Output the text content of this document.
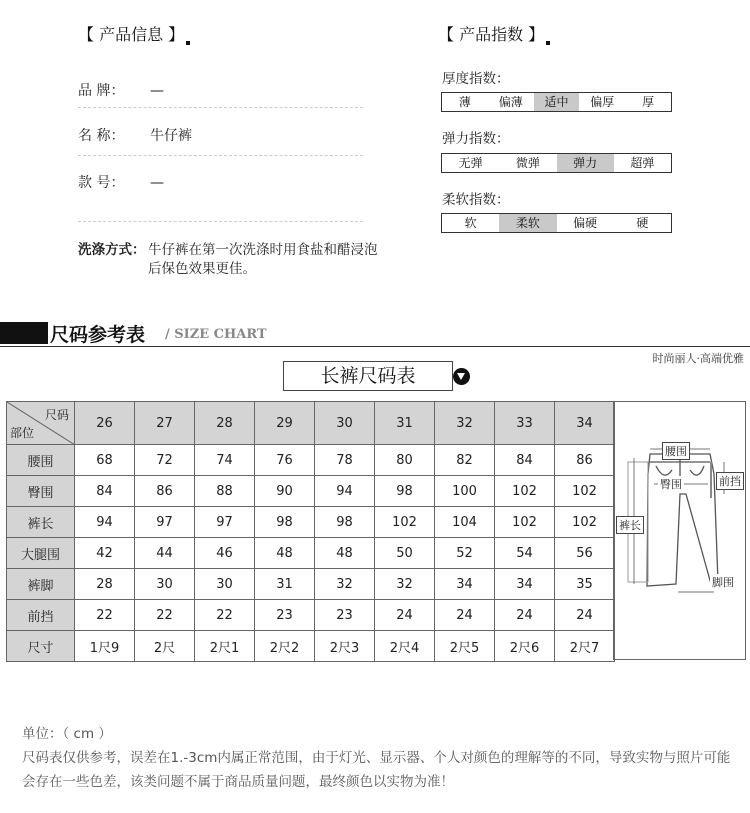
【 产品信息 】
品 牌： —
名 称： 牛仔裤
款 号： —
洗涤方式： 牛仔裤在第一次洗涤时用食盐和醋浸泡后保色效果更佳。
【 产品指数 】
厚度指数：
薄	偏薄	适中	偏厚	厚
弹力指数：
无弹	微弹	弹力	超弹
柔软指数：
软	柔软	偏硬	硬
尺码参考表 / SIZE CHART
时尚丽人·高端优雅
长裤尺码表
尺码
部位	26	27	28	29	30	31	32	33	34
腰围	68	72	74	76	78	80	82	84	86
臀围	84	86	88	90	94	98	100	102	102
裤长	94	97	97	98	98	102	104	102	102
大腿围	42	44	46	48	48	50	52	54	56
裤脚	28	30	30	31	32	32	34	34	35
前挡	22	22	22	23	23	24	24	24	24
尺寸	1尺9	2尺	2尺1	2尺2	2尺3	2尺4	2尺5	2尺6	2尺7
腰围
臀围	前挡
裤长
脚围
单位：（ cm ）
尺码表仅供参考，误差在1.-3cm内属正常范围，由于灯光、显示器、个人对颜色的理解等的不同，导致实物与照片可能会存在一些色差，该类问题不属于商品质量问题，最终颜色以实物为准！
